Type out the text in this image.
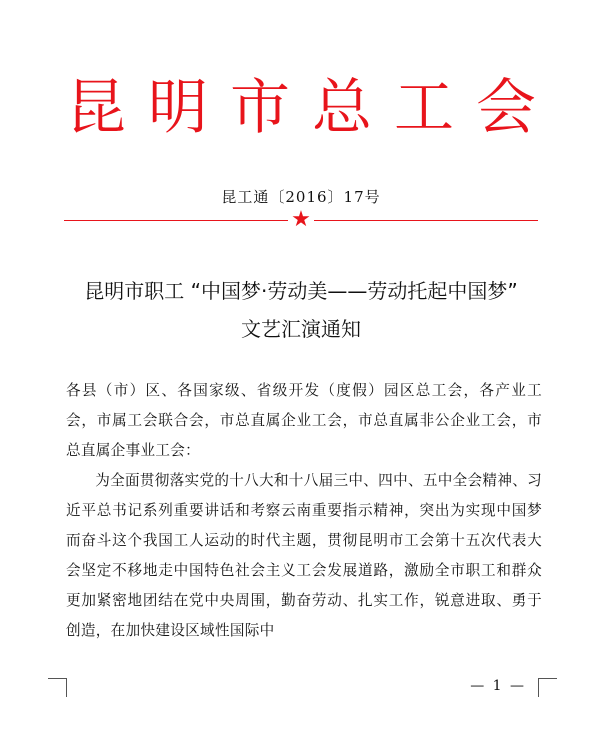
昆明市总工会
昆工通〔2016〕17号
★
昆明市职工 “中国梦·劳动美——劳动托起中国梦”
文艺汇演通知

各县（市）区、各国家级、省级开发（度假）园区总工会，各产业工会，市属工会联合会，市总直属企业工会，市总直属非公企业工会，市总直属企事业工会：

为全面贯彻落实党的十八大和十八届三中、四中、五中全会精神、习近平总书记系列重要讲话和考察云南重要指示精神，突出为实现中国梦而奋斗这个我国工人运动的时代主题，贯彻昆明市工会第十五次代表大会坚定不移地走中国特色社会主义工会发展道路，激励全市职工和群众更加紧密地团结在党中央周围，勤奋劳动、扎实工作，锐意进取、勇于创造，在加快建设区域性国际中

— 1 —
